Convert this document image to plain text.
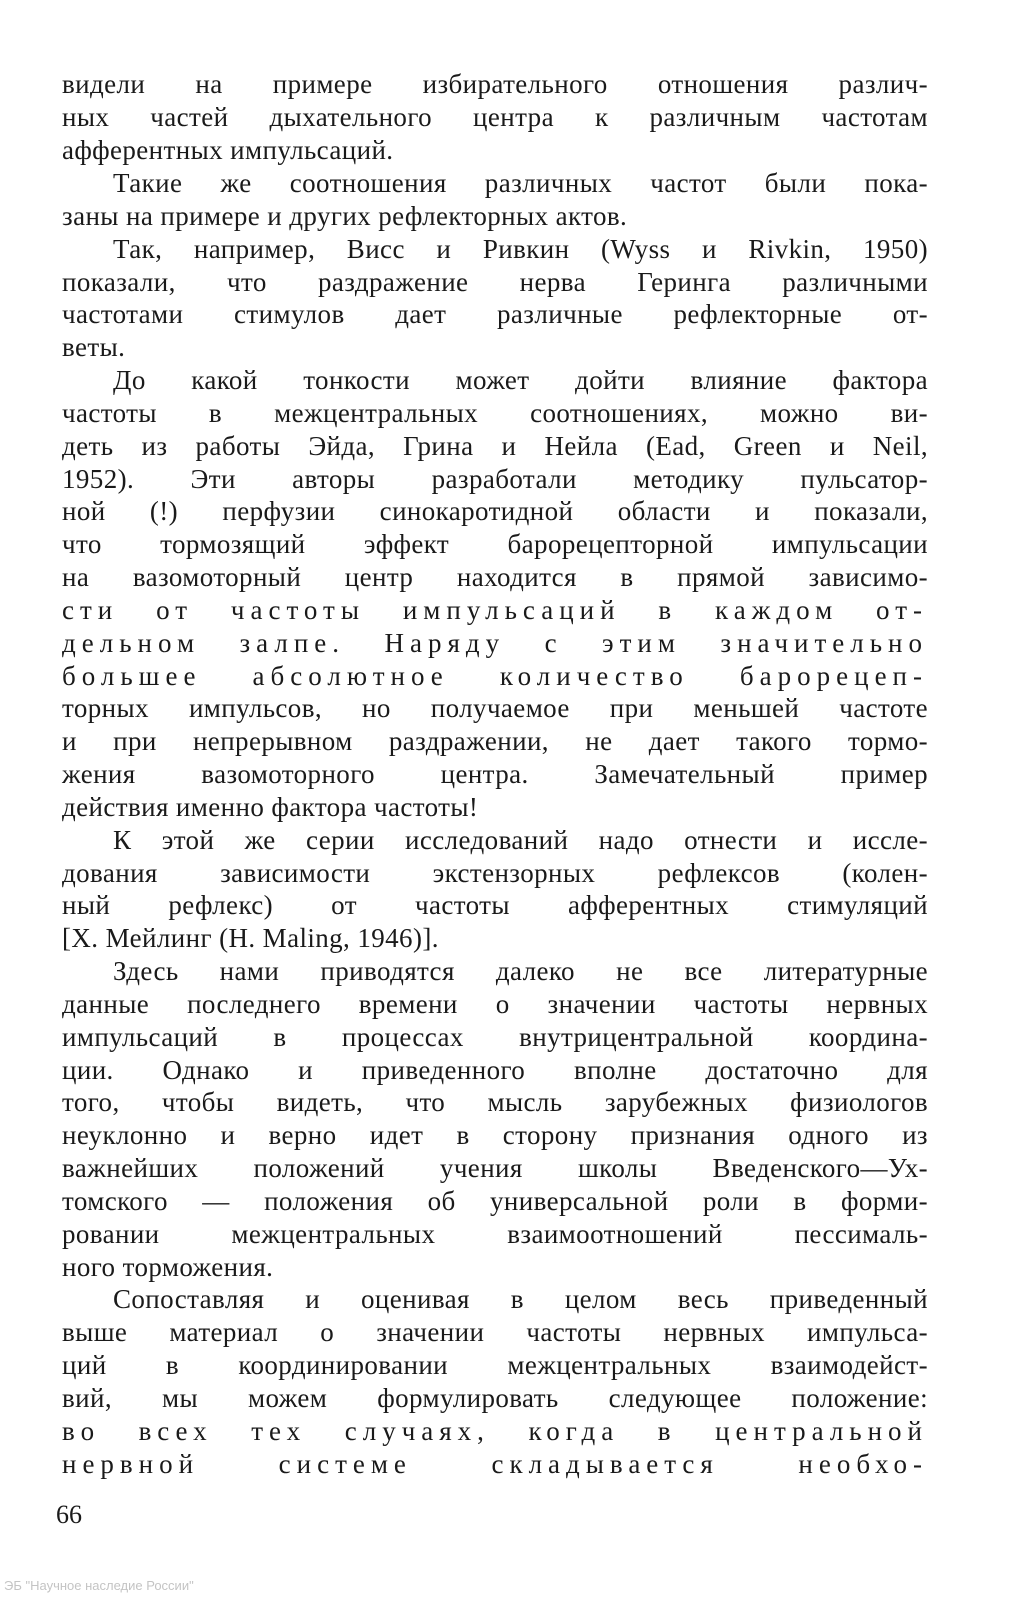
видели на примере избирательного отношения различ-
ных частей дыхательного центра к различным частотам
афферентных импульсаций.
Такие же соотношения различных частот были пока-
заны на примере и других рефлекторных актов.
Так, например, Висс и Ривкин (Wyss и Rivkin, 1950)
показали, что раздражение нерва Геринга различными
частотами стимулов дает различные рефлекторные от-
веты.
До какой тонкости может дойти влияние фактора
частоты в межцентральных соотношениях, можно ви-
деть из работы Эйда, Грина и Нейла (Ead, Green и Neil,
1952). Эти авторы разработали методику пульсатор-
ной (!) перфузии синокаротидной области и показали,
что тормозящий эффект барорецепторной импульсации
на вазомоторный центр находится в прямой зависимо-
сти от частоты импульсаций в каждом от-
дельном залпе. Наряду с этим значительно
большее абсолютное количество барорецеп-
торных импульсов, но получаемое при меньшей частоте
и при непрерывном раздражении, не дает такого тормо-
жения вазомоторного центра. Замечательный пример
действия именно фактора частоты!
К этой же серии исследований надо отнести и иссле-
дования зависимости экстензорных рефлексов (колен-
ный рефлекс) от частоты афферентных стимуляций
[Х. Мейлинг (H. Maling, 1946)].
Здесь нами приводятся далеко не все литературные
данные последнего времени о значении частоты нервных
импульсаций в процессах внутрицентральной координа-
ции. Однако и приведенного вполне достаточно для
того, чтобы видеть, что мысль зарубежных физиологов
неуклонно и верно идет в сторону признания одного из
важнейших положений учения школы Введенского—Ух-
томского — положения об универсальной роли в форми-
ровании межцентральных взаимоотношений пессималь-
ного торможения.
Сопоставляя и оценивая в целом весь приведенный
выше материал о значении частоты нервных импульса-
ций в координировании межцентральных взаимодейст-
вий, мы можем формулировать следующее положение:
во всех тех случаях, когда в центральной
нервной системе складывается необхо-
66
ЭБ "Научное наследие России"
